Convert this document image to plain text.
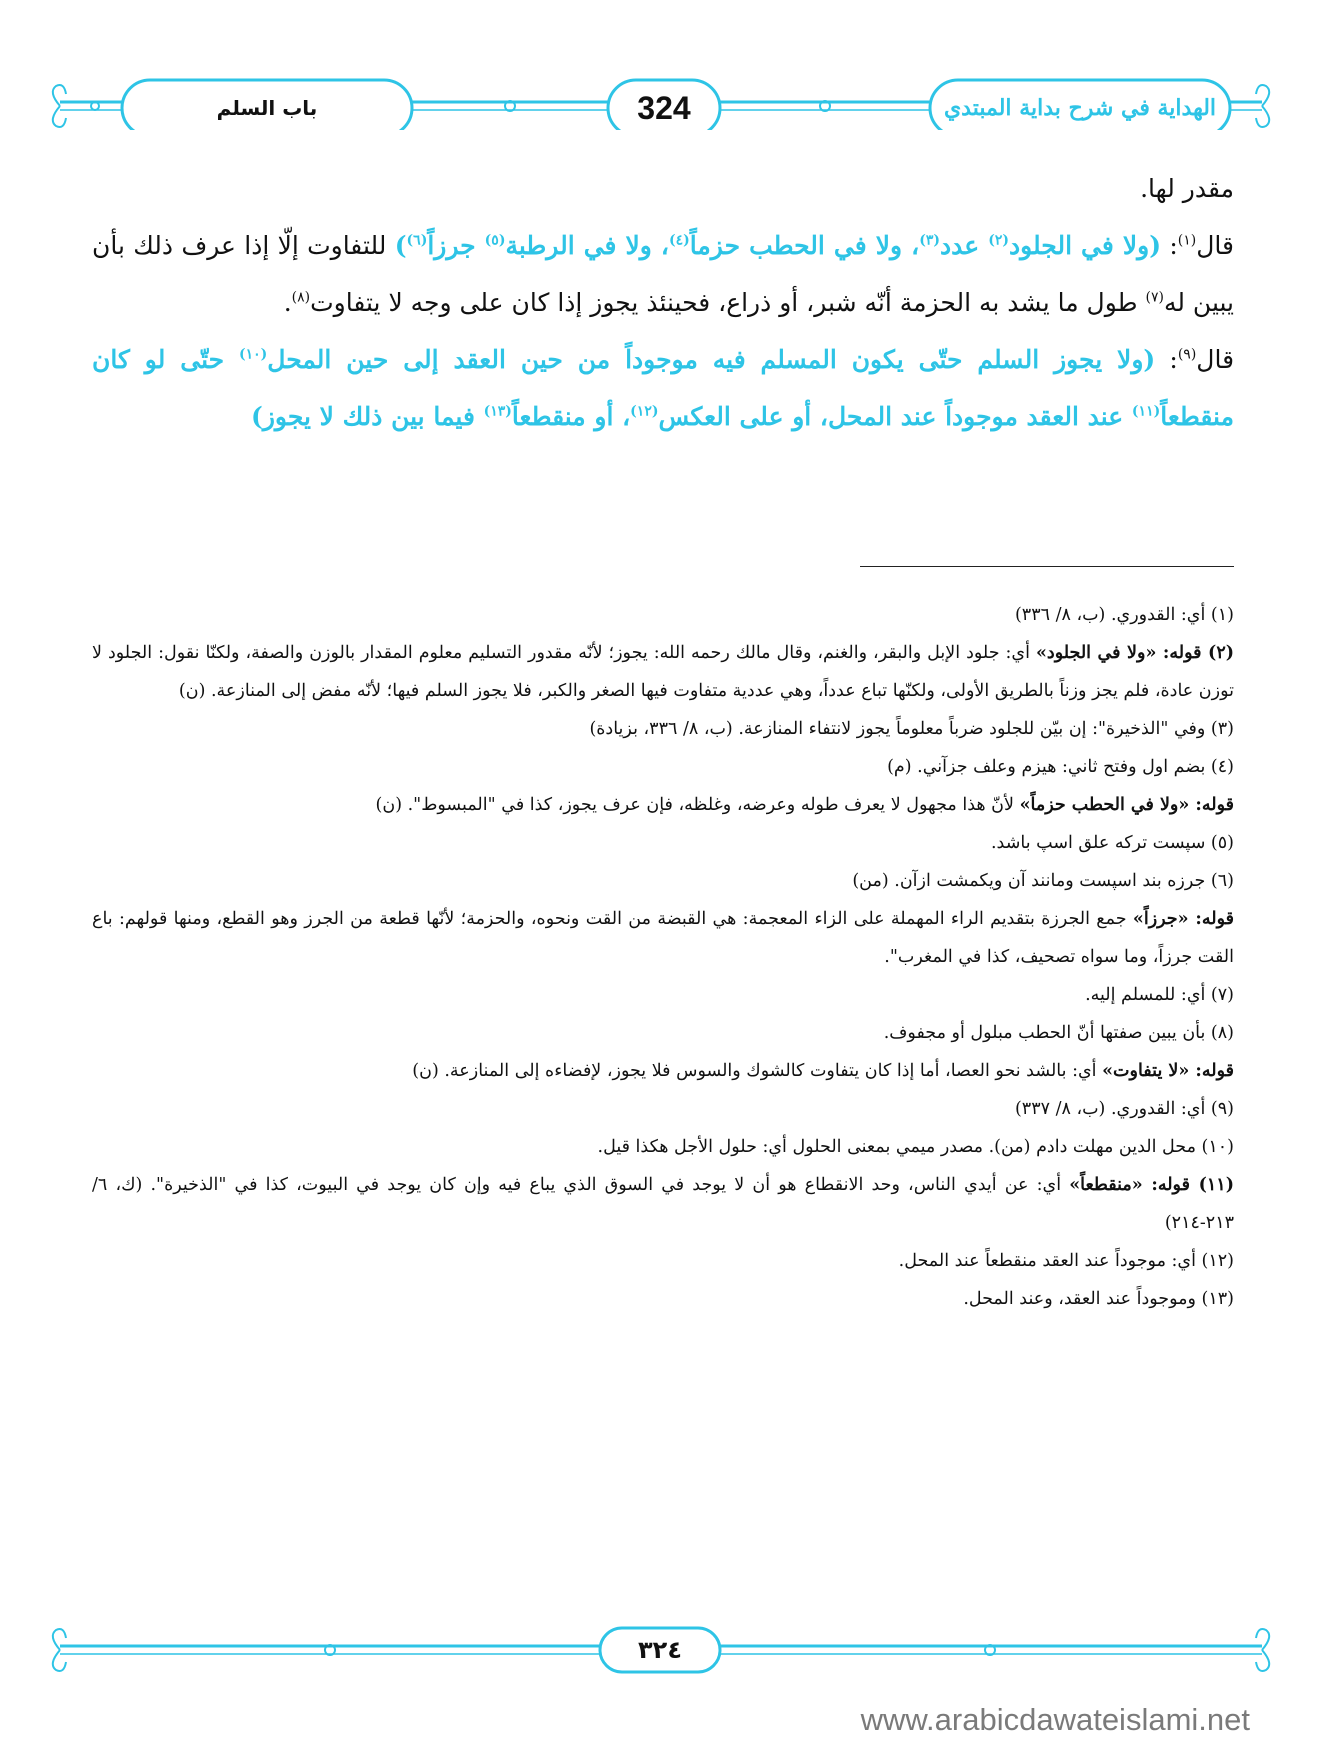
باب السلم	324	الهداية في شرح بداية المبتدي

مقدر لها.

قال$^{(١)}$: (ولا في الجلود$^{(٢)}$ عدد$^{(٣)}$، ولا في الحطب حزماً$^{(٤)}$، ولا في الرطبة$^{(٥)}$ جرزاً$^{(٦)}$) للتفاوت إلّا إذا عرف ذلك بأن يبين له$^{(٧)}$ طول ما يشد به الحزمة أنّه شبر، أو ذراع، فحينئذ يجوز إذا كان على وجه لا يتفاوت$^{(٨)}$.

قال$^{(٩)}$: (ولا يجوز السلم حتّى يكون المسلم فيه موجوداً من حين العقد إلى حين المحل$^{(١٠)}$ حتّى لو كان منقطعاً$^{(١١)}$ عند العقد موجوداً عند المحل، أو على العكس$^{(١٢)}$، أو منقطعاً$^{(١٣)}$ فيما بين ذلك لا يجوز)

(١) أي: القدوري. (ب، ٨/ ٣٣٦)

(٢) قوله: «ولا في الجلود» أي: جلود الإبل والبقر، والغنم، وقال مالك رحمه الله: يجوز؛ لأنّه مقدور التسليم معلوم المقدار بالوزن والصفة، ولكنّا نقول: الجلود لا توزن عادة، فلم يجز وزناً بالطريق الأولى، ولكنّها تباع عدداً، وهي عددية متفاوت فيها الصغر والكبر، فلا يجوز السلم فيها؛ لأنّه مفض إلى المنازعة. (ن)

(٣) وفي "الذخيرة": إن بيّن للجلود ضرباً معلوماً يجوز لانتفاء المنازعة. (ب، ٨/ ٣٣٦، بزيادة)

(٤) بضم اول وفتح ثاني: هيزم وعلف جزآني. (م)

قوله: «ولا في الحطب حزماً» لأنّ هذا مجهول لا يعرف طوله وعرضه، وغلظه، فإن عرف يجوز، كذا في "المبسوط". (ن)

(٥) سپست تركه علق اسپ باشد.

(٦) جرزه بند اسپست ومانند آن ويكمشت ازآن. (من)

قوله: «جرزاً» جمع الجرزة بتقديم الراء المهملة على الزاء المعجمة: هي القبضة من القت ونحوه، والحزمة؛ لأنّها قطعة من الجرز وهو القطع، ومنها قولهم: باع القت جرزاً، وما سواه تصحيف، كذا في المغرب".

(٧) أي: للمسلم إليه.

(٨) بأن يبين صفتها أنّ الحطب مبلول أو مجفوف.

قوله: «لا يتفاوت» أي: بالشد نحو العصا، أما إذا كان يتفاوت كالشوك والسوس فلا يجوز، لإفضاءه إلى المنازعة. (ن)

(٩) أي: القدوري. (ب، ٨/ ٣٣٧)

(١٠) محل الدين مهلت دادم (من). مصدر ميمي بمعنى الحلول أي: حلول الأجل هكذا قيل.

(١١) قوله: «منقطعاً» أي: عن أيدي الناس، وحد الانقطاع هو أن لا يوجد في السوق الذي يباع فيه وإن كان يوجد في البيوت، كذا في "الذخيرة". (ك، ٦/ ٢١٣-٢١٤)

(١٢) أي: موجوداً عند العقد منقطعاً عند المحل.

(١٣) وموجوداً عند العقد، وعند المحل.

٣٢٤
www.arabicdawateislami.net
